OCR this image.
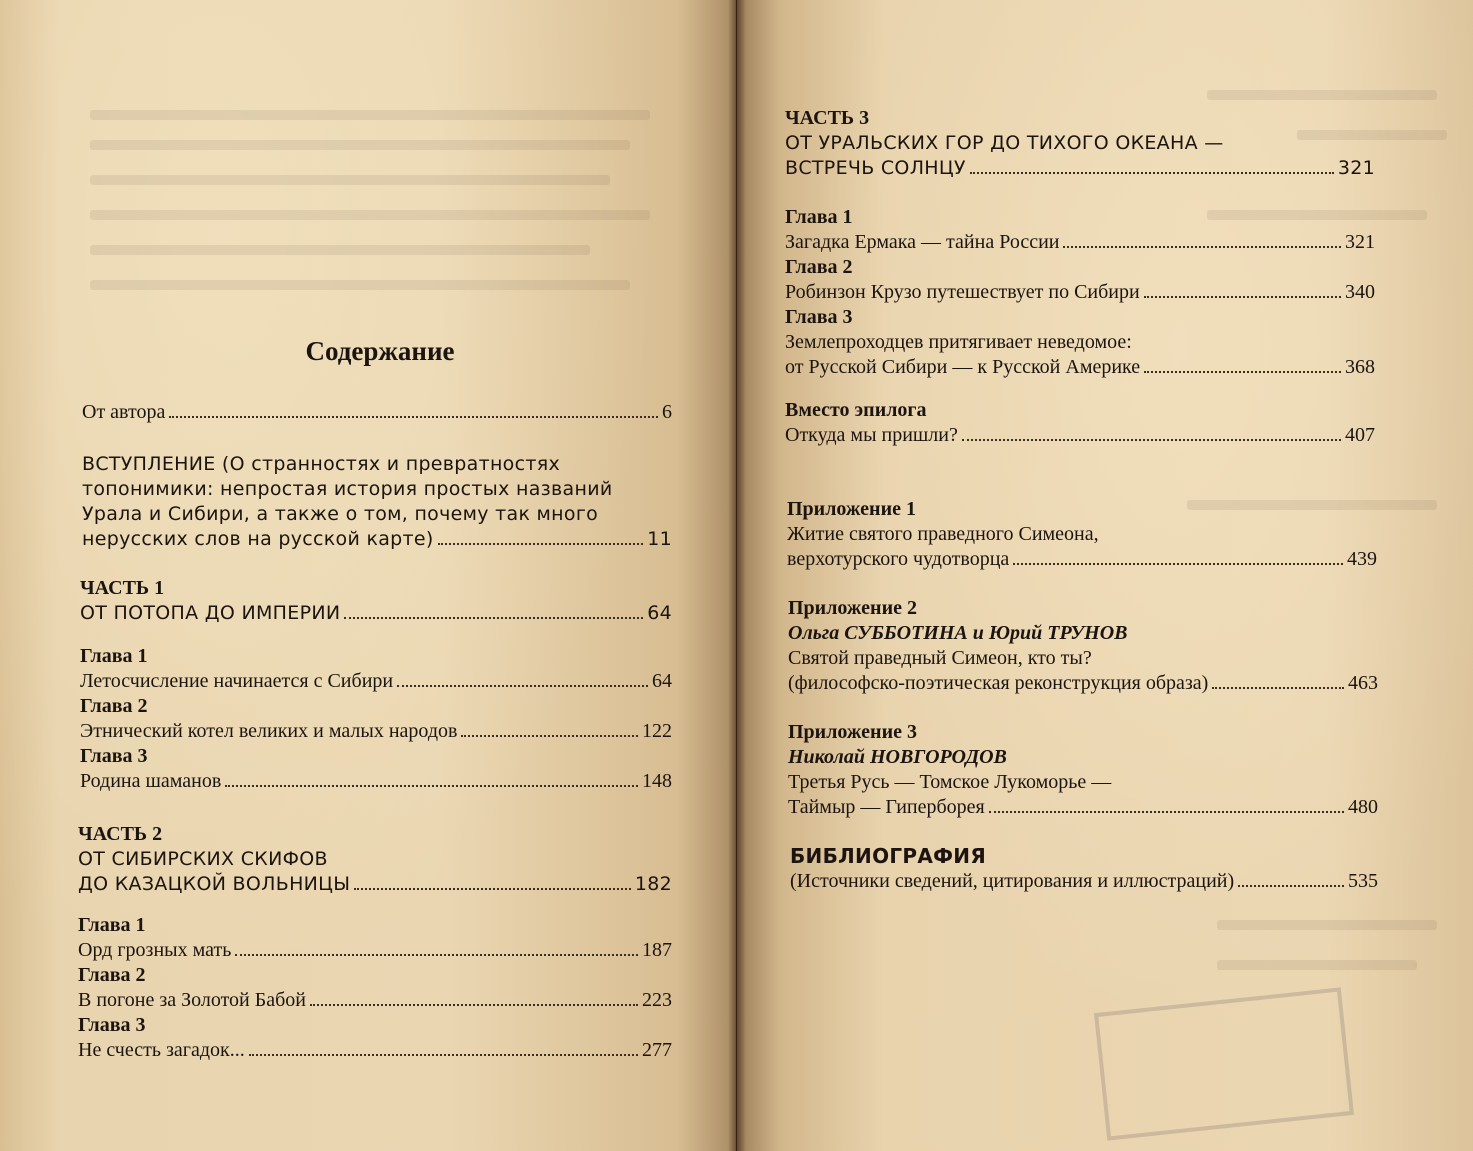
Содержание
От автора	6
ВСТУПЛЕНИЕ (О странностях и превратностях
топонимики: непростая история простых названий
Урала и Сибири, а также о том, почему так много
нерусских слов на русской карте)	11
ЧАСТЬ 1
ОТ ПОТОПА ДО ИМПЕРИИ	64
Глава 1
Летосчисление начинается с Сибири	64
Глава 2
Этнический котел великих и малых народов	122
Глава 3
Родина шаманов	148
ЧАСТЬ 2
ОТ СИБИРСКИХ СКИФОВ
ДО КАЗАЦКОЙ ВОЛЬНИЦЫ	182
Глава 1
Орд грозных мать	187
Глава 2
В погоне за Золотой Бабой	223
Глава 3
Не счесть загадок...	277
ЧАСТЬ 3
ОТ УРАЛЬСКИХ ГОР ДО ТИХОГО ОКЕАНА —
ВСТРЕЧЬ СОЛНЦУ	321
Глава 1
Загадка Ермака — тайна России	321
Глава 2
Робинзон Крузо путешествует по Сибири	340
Глава 3
Землепроходцев притягивает неведомое:
от Русской Сибири — к Русской Америке	368
Вместо эпилога
Откуда мы пришли?	407
Приложение 1
Житие святого праведного Симеона,
верхотурского чудотворца	439
Приложение 2
Ольга СУББОТИНА и Юрий ТРУНОВ
Святой праведный Симеон, кто ты?
(философско-поэтическая реконструкция образа)	463
Приложение 3
Николай НОВГОРОДОВ
Третья Русь — Томское Лукоморье —
Таймыр — Гиперборея	480
БИБЛИОГРАФИЯ
(Источники сведений, цитирования и иллюстраций)	535
